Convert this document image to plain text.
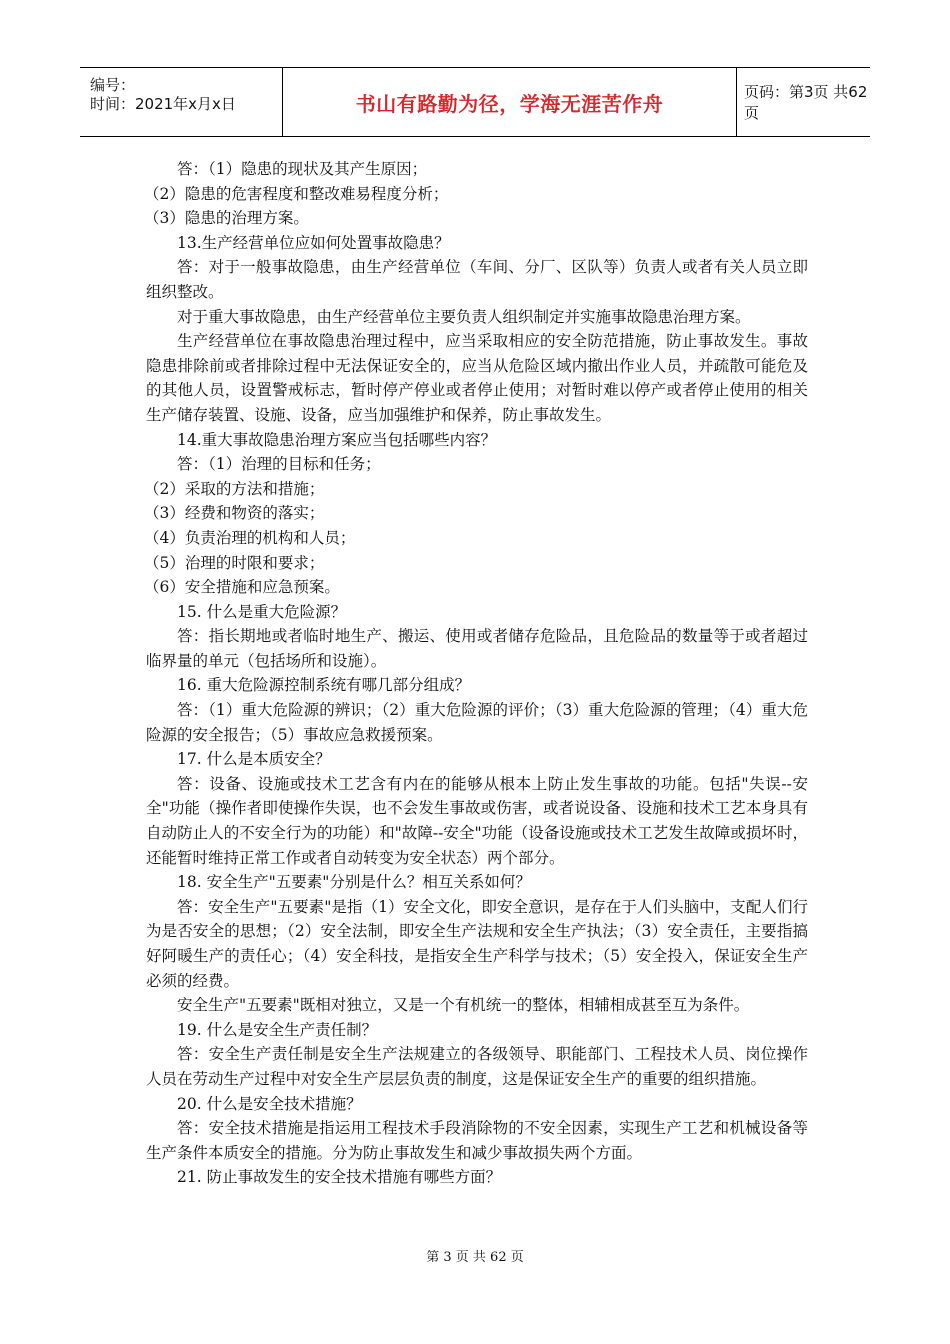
编号：
时间：2021年x月x日	书山有路勤为径，学海无涯苦作舟	页码：第3页 共62页

答：（1）隐患的现状及其产生原因；

（2）隐患的危害程度和整改难易程度分析；

（3）隐患的治理方案。

13.生产经营单位应如何处置事故隐患？

答：对于一般事故隐患，由生产经营单位（车间、分厂、区队等）负责人或者有关人员立即组织整改。

对于重大事故隐患，由生产经营单位主要负责人组织制定并实施事故隐患治理方案。

生产经营单位在事故隐患治理过程中，应当采取相应的安全防范措施，防止事故发生。事故隐患排除前或者排除过程中无法保证安全的，应当从危险区域内撤出作业人员，并疏散可能危及的其他人员，设置警戒标志，暂时停产停业或者停止使用；对暂时难以停产或者停止使用的相关生产储存装置、设施、设备，应当加强维护和保养，防止事故发生。

14.重大事故隐患治理方案应当包括哪些内容？

答：（1）治理的目标和任务；

（2）采取的方法和措施；

（3）经费和物资的落实；

（4）负责治理的机构和人员；

（5）治理的时限和要求；

（6）安全措施和应急预案。

15. 什么是重大危险源？

答：指长期地或者临时地生产、搬运、使用或者储存危险品，且危险品的数量等于或者超过临界量的单元（包括场所和设施）。

16. 重大危险源控制系统有哪几部分组成？

答：（1）重大危险源的辨识；（2）重大危险源的评价；（3）重大危险源的管理；（4）重大危险源的安全报告；（5）事故应急救援预案。

17. 什么是本质安全？

答：设备、设施或技术工艺含有内在的能够从根本上防止发生事故的功能。包括"失误--安全"功能（操作者即使操作失误，也不会发生事故或伤害，或者说设备、设施和技术工艺本身具有自动防止人的不安全行为的功能）和"故障--安全"功能（设备设施或技术工艺发生故障或损坏时，还能暂时维持正常工作或者自动转变为安全状态）两个部分。

18. 安全生产"五要素"分别是什么？相互关系如何？

答：安全生产"五要素"是指（1）安全文化，即安全意识，是存在于人们头脑中，支配人们行为是否安全的思想；（2）安全法制，即安全生产法规和安全生产执法；（3）安全责任，主要指搞好阿暖生产的责任心；（4）安全科技，是指安全生产科学与技术；（5）安全投入，保证安全生产必须的经费。

安全生产"五要素"既相对独立，又是一个有机统一的整体，相辅相成甚至互为条件。

19. 什么是安全生产责任制？

答：安全生产责任制是安全生产法规建立的各级领导、职能部门、工程技术人员、岗位操作人员在劳动生产过程中对安全生产层层负责的制度，这是保证安全生产的重要的组织措施。

20. 什么是安全技术措施？

答：安全技术措施是指运用工程技术手段消除物的不安全因素，实现生产工艺和机械设备等生产条件本质安全的措施。分为防止事故发生和减少事故损失两个方面。

21. 防止事故发生的安全技术措施有哪些方面？

第 3 页 共 62 页
